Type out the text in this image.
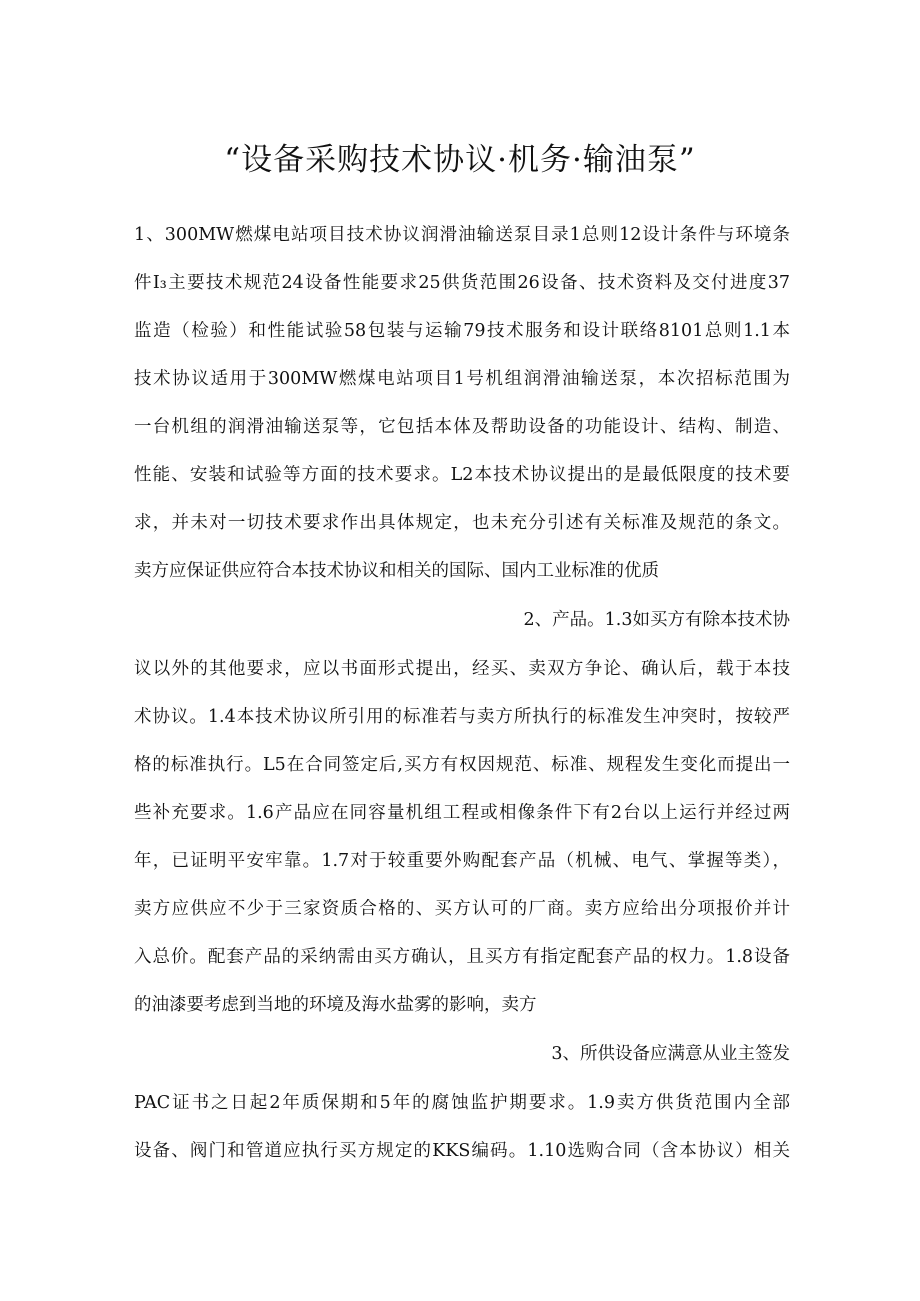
“设备采购技术协议·机务·输油泵”
1、300MW燃煤电站项目技术协议润滑油输送泵目录1总则12设计条件与环境条
件I₃主要技术规范24设备性能要求25供货范围26设备、技术资料及交付进度37
监造（检验）和性能试验58包装与运输79技术服务和设计联络8101总则1.1本
技术协议适用于300MW燃煤电站项目1号机组润滑油输送泵，本次招标范围为
一台机组的润滑油输送泵等，它包括本体及帮助设备的功能设计、结构、制造、
性能、安装和试验等方面的技术要求。L2本技术协议提出的是最低限度的技术要
求，并未对一切技术要求作出具体规定，也未充分引述有关标准及规范的条文。
卖方应保证供应符合本技术协议和相关的国际、国内工业标准的优质
2、产品。1.3如买方有除本技术协
议以外的其他要求，应以书面形式提出，经买、卖双方争论、确认后，载于本技
术协议。1.4本技术协议所引用的标准若与卖方所执行的标准发生冲突时，按较严
格的标准执行。L5在合同签定后,买方有权因规范、标准、规程发生变化而提出一
些补充要求。1.6产品应在同容量机组工程或相像条件下有2台以上运行并经过两
年，已证明平安牢靠。1.7对于较重要外购配套产品（机械、电气、掌握等类），
卖方应供应不少于三家资质合格的、买方认可的厂商。卖方应给出分项报价并计
入总价。配套产品的采纳需由买方确认，且买方有指定配套产品的权力。1.8设备
的油漆要考虑到当地的环境及海水盐雾的影响，卖方
3、所供设备应满意从业主签发
PAC证书之日起2年质保期和5年的腐蚀监护期要求。1.9卖方供货范围内全部
设备、阀门和管道应执行买方规定的KKS编码。1.10选购合同（含本协议）相关
